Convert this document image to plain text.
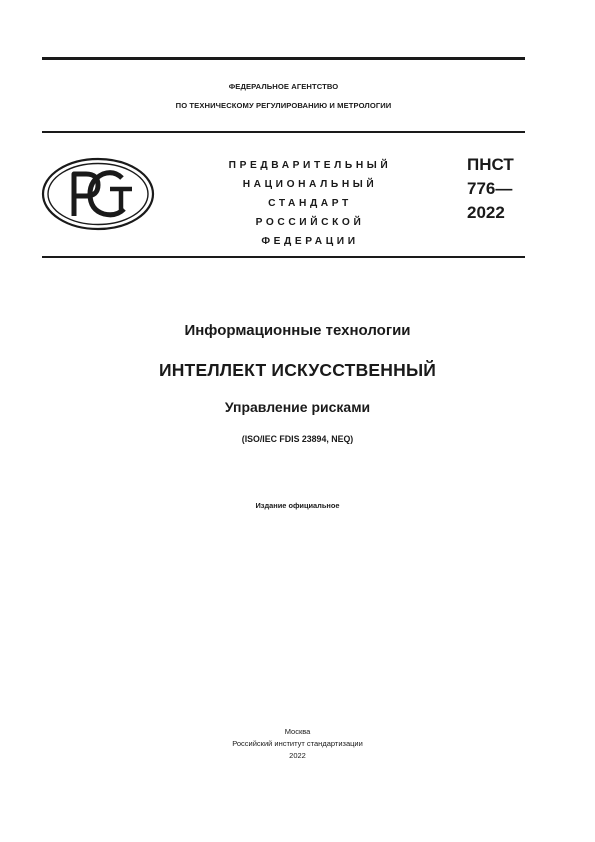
ФЕДЕРАЛЬНОЕ АГЕНТСТВО
ПО ТЕХНИЧЕСКОМУ РЕГУЛИРОВАНИЮ И МЕТРОЛОГИИ
ПРЕДВАРИТЕЛЬНЫЙ
НАЦИОНАЛЬНЫЙ
СТАНДАРТ
РОССИЙСКОЙ
ФЕДЕРАЦИИ
ПНСТ
776—
2022
Информационные технологии
ИНТЕЛЛЕКТ ИСКУССТВЕННЫЙ
Управление рисками
(ISO/IEC FDIS 23894, NEQ)
Издание официальное
Москва
Российский институт стандартизации
2022
